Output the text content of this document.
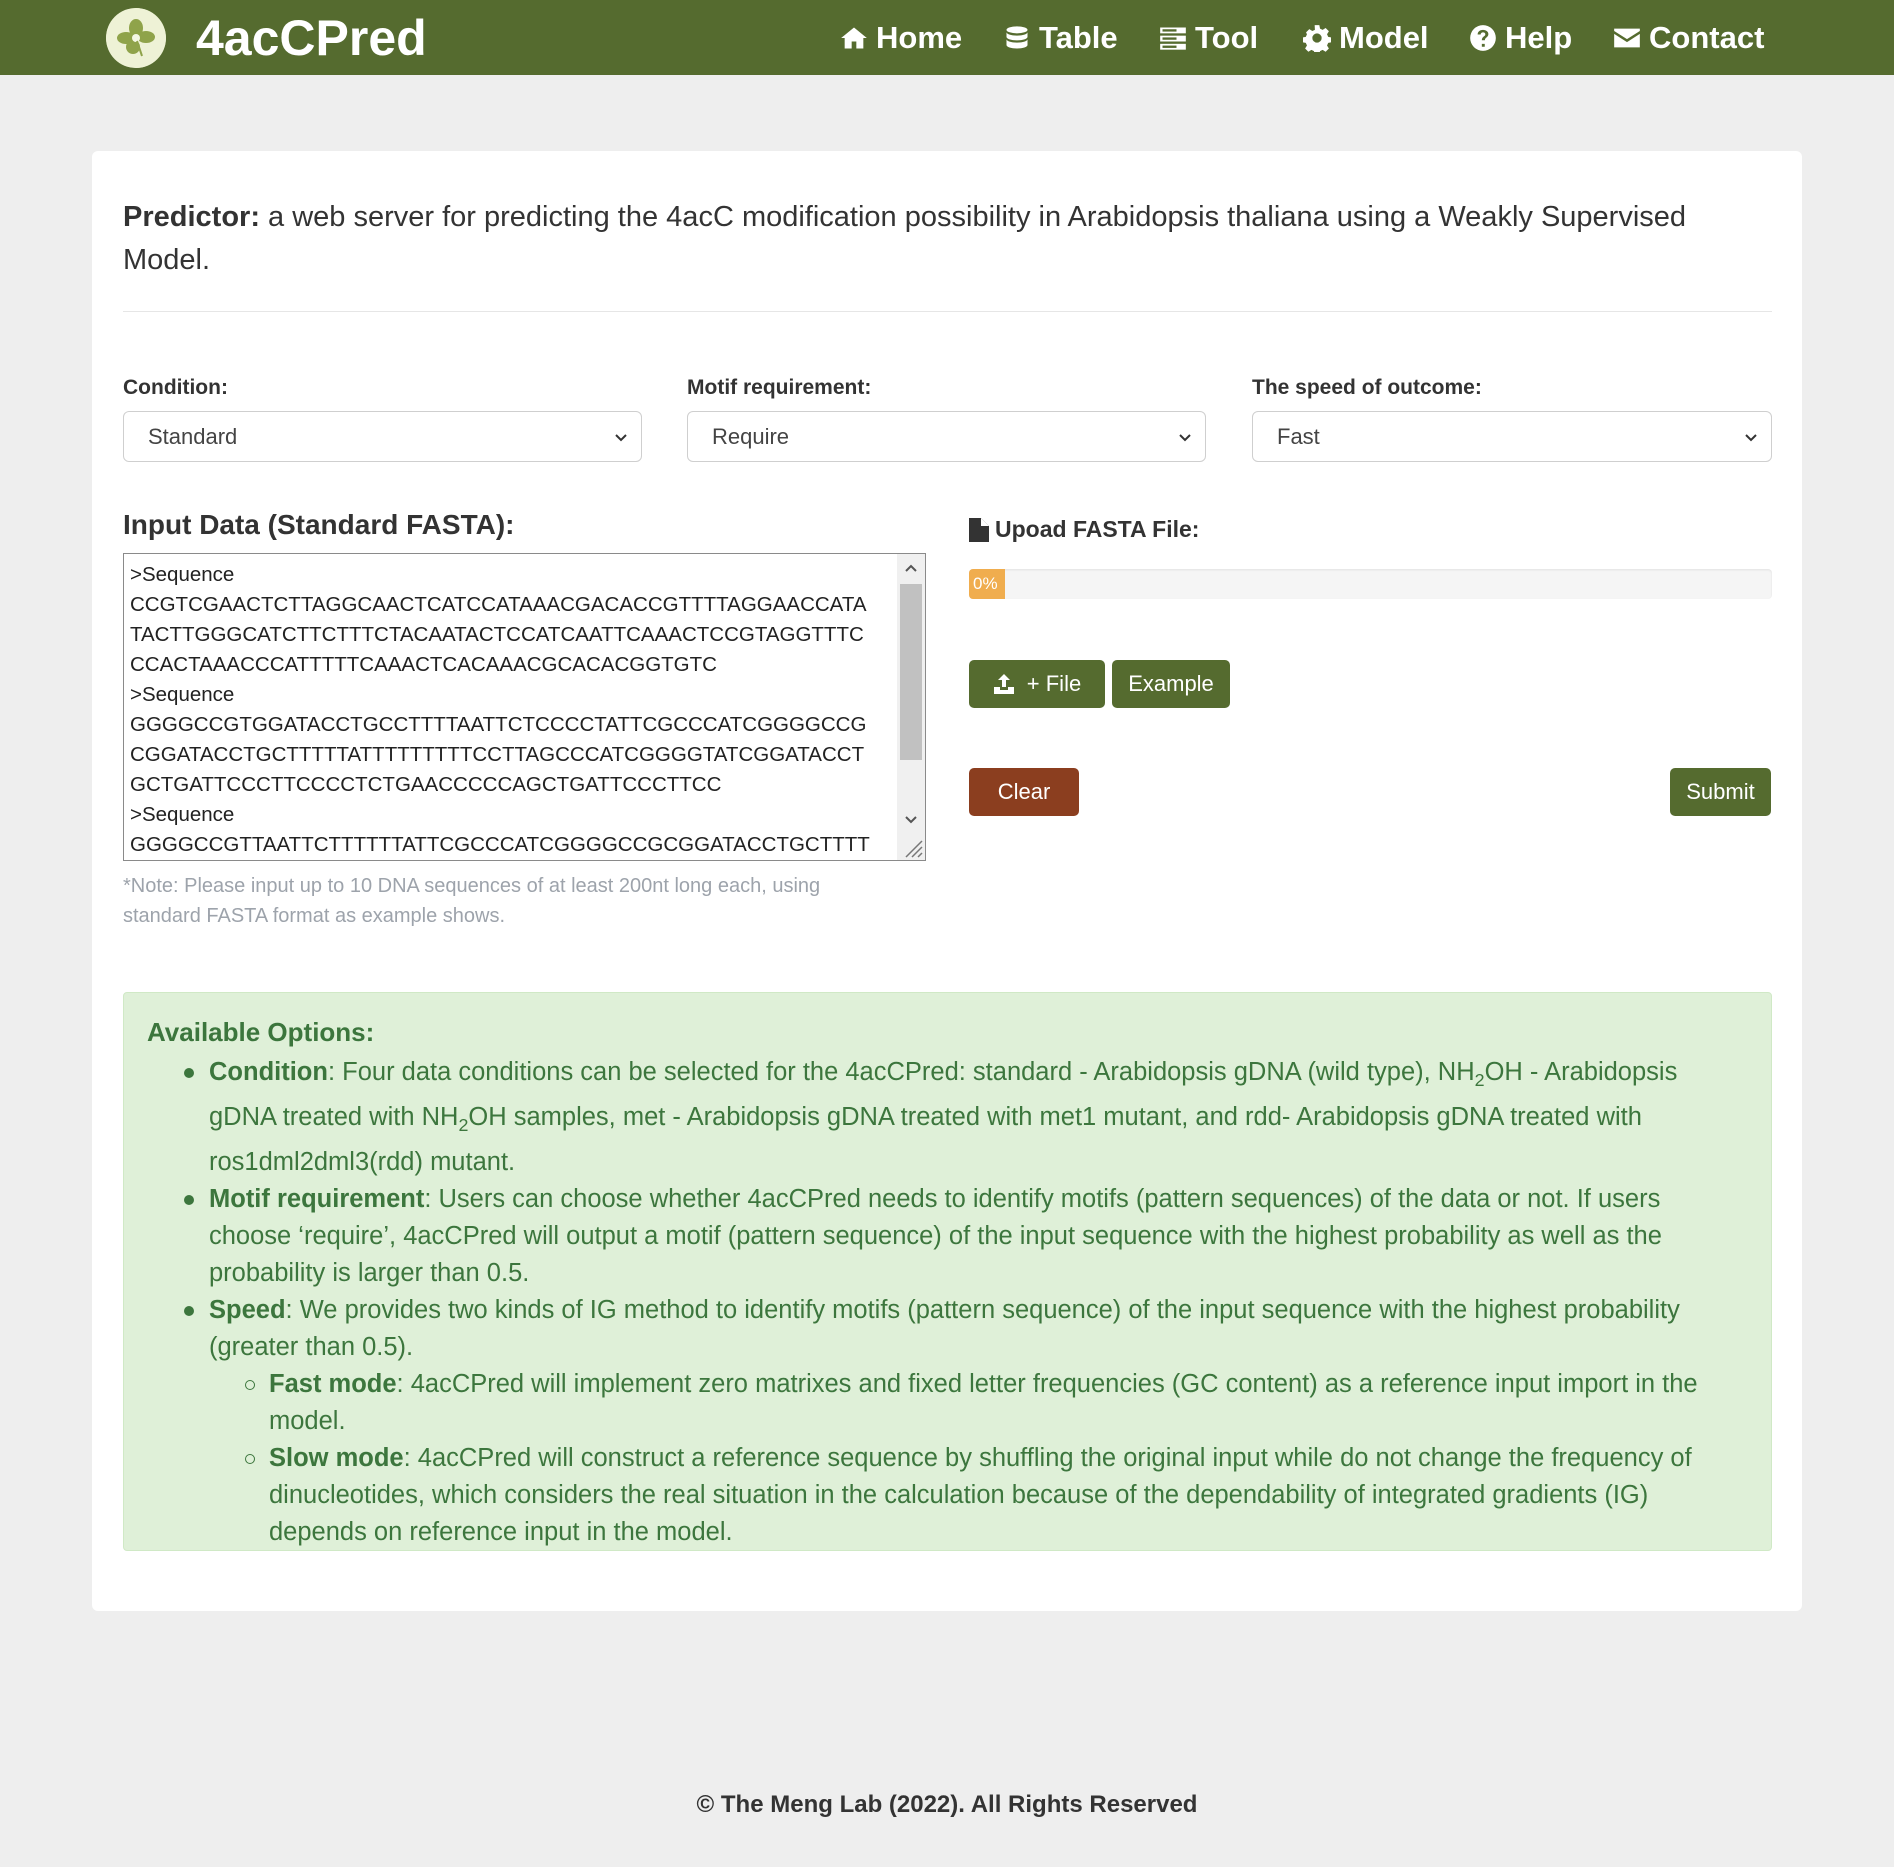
4acCPred	Home Table Tool	Model Help Contact
Predictor: a web server for predicting the 4acC modification possibility in Arabidopsis thaliana using a Weakly Supervised Model.
Condition:
Standard
Motif requirement:
Require
The speed of outcome:
Fast
Input Data (Standard FASTA):
>Sequence
CCGTCGAACTCTTAGGCAACTCATCCATAAACGACACCGTTTTAGGAACCATA
TACTTGGGCATCTTCTTTCTACAATACTCCATCAATTCAAACTCCGTAGGTTTC
CCACTAAACCCATTTTTCAAACTCACAAACGCACACGGTGTC
>Sequence
GGGGCCGTGGATACCTGCCTTTTAATTCTCCCCTATTCGCCCATCGGGGCCG
CGGATACCTGCTTTTTATTTTTTTTTCCTTAGCCCATCGGGGTATCGGATACCT
GCTGATTCCCTTCCCCTCTGAACCCCCAGCTGATTCCCTTCC
>Sequence
GGGGCCGTTAATTCTTTTTTATTCGCCCATCGGGGCCGCGGATACCTGCTTTT
*Note: Please input up to 10 DNA sequences of at least 200nt long each, using standard FASTA format as example shows.
Upoad FASTA File:
0%
+ File Example
Clear	Submit
Available Options:
Condition: Four data conditions can be selected for the 4acCPred: standard - Arabidopsis gDNA (wild type), $NH_2OH$ - Arabidopsis gDNA treated with $NH_2OH$ samples, met - Arabidopsis gDNA treated with met1 mutant, and rdd- Arabidopsis gDNA treated with ros1dml2dml3(rdd) mutant.
Motif requirement: Users can choose whether 4acCPred needs to identify motifs (pattern sequences) of the data or not. If users choose ‘require’, 4acCPred will output a motif (pattern sequence) of the input sequence with the highest probability as well as the probability is larger than 0.5.
Speed: We provides two kinds of IG method to identify motifs (pattern sequence) of the input sequence with the highest probability (greater than 0.5).
Fast mode: 4acCPred will implement zero matrixes and fixed letter frequencies (GC content) as a reference input import in the model.
Slow mode: 4acCPred will construct a reference sequence by shuffling the original input while do not change the frequency of dinucleotides, which considers the real situation in the calculation because of the dependability of integrated gradients (IG) depends on reference input in the model.
© The Meng Lab (2022). All Rights Reserved
